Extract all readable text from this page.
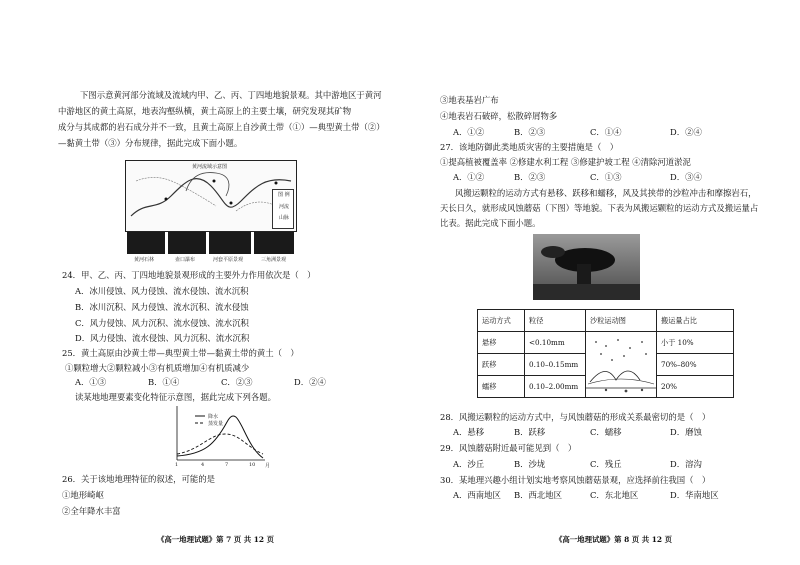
下图示意黄河部分流域及流域内甲、乙、丙、丁四地地貌景观。其中游地区于黄河
中游地区的黄土高原，地表沟壑纵横，黄土高原上的主要土壤，研究发现其矿物
成分与其成都的岩石成分并不一致，且黄土高原上自沙黄土带（①）—典型黄土带（②）
—黏黄土带（③）分布规律，据此完成下面小题。
图 例
河流
山脉
黄河流域示意图
黄河石林	壶口瀑布	河套平原景观	三角洲景观
24．甲、乙、丙、丁四地地貌景观形成的主要外力作用依次是（　）
A．冰川侵蚀、风力侵蚀、流水侵蚀、流水沉积
B．冰川沉积、风力侵蚀、流水沉积、流水侵蚀
C．风力侵蚀、风力沉积、流水侵蚀、流水沉积
D．风力侵蚀、流水侵蚀、风力沉积、流水沉积
25．黄土高原由沙黄土带—典型黄土带—黏黄土带的黄土（　）
①颗粒增大②颗粒减小③有机质增加④有机质减少
A．①③	B．①④	C．②③	D．②④
读某地地理要素变化特征示意图，据此完成下列各题。
降水
蒸发量
1	4	7	10 月
26．关于该地地理特征的叙述，可能的是
①地形崎岖
②全年降水丰富
《高一地理试题》第 7 页 共 12 页
③地表基岩广布
④地表岩石破碎，松散碎屑物多
A．①②	B．②③	C．①④	D．②④
27．该地防御此类地质灾害的主要措施是（　）
①提高植被覆盖率 ②修建水利工程 ③修建护坡工程 ④清除河道淤泥
A．①②	B．②③	C．①③	D．③④
风搬运颗粒的运动方式有悬移、跃移和蠕移，风及其挟带的沙粒冲击和摩擦岩石，
天长日久，就形成风蚀蘑菇（下图）等地貌。下表为风搬运颗粒的运动方式及搬运量占
比表。据此完成下面小题。
运动方式	粒径	沙粒运动图	搬运量占比
悬移	<0.10mm		小于 10%
跃移	0.10–0.15mm		70%–80%
蠕移	0.10–2.00mm		20%
28．风搬运颗粒的运动方式中，与风蚀蘑菇的形成关系最密切的是（　）
A．悬移	B．跃移	C．蠕移	D．磨蚀
29．风蚀蘑菇附近最可能见到（　）
A．沙丘	B．沙垅	C．残丘	D．溶沟
30．某地理兴趣小组计划实地考察风蚀蘑菇景观，应选择前往我国（　）
A．西南地区 B．西北地区	C．东北地区	D．华南地区
《高一地理试题》第 8 页 共 12 页
